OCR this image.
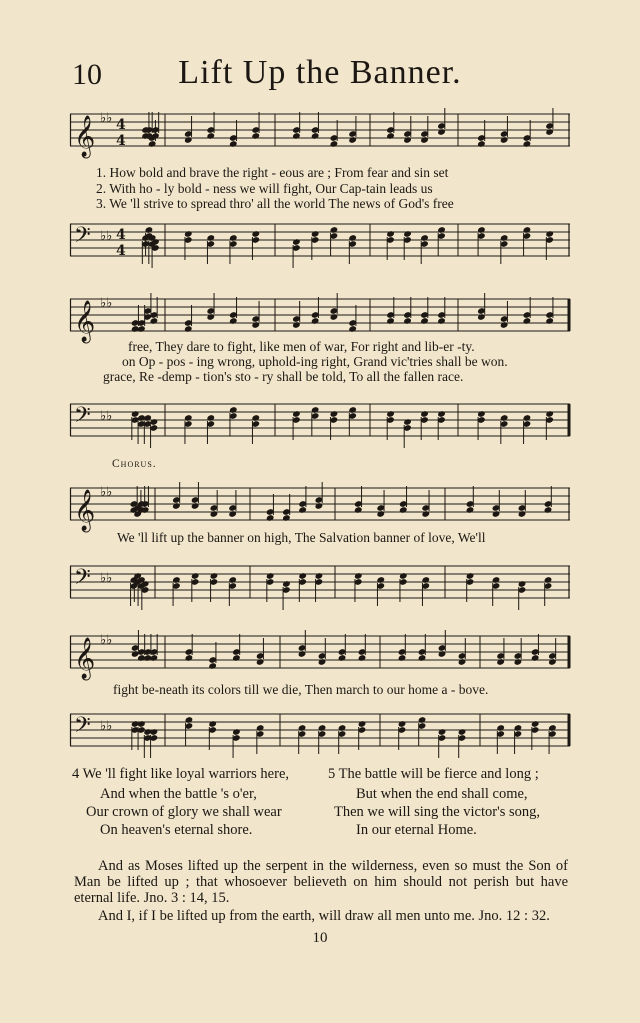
10	Lift Up the Banner.
𝄞 ♭♭ 4
4
1. How bold and brave the right - eous are ; From fear and sin set
2. With ho - ly bold - ness we will fight, Our Cap-tain leads us
3. We 'll strive to spread thro' all the world The news of God's free
𝄢 ♭♭ 4
4
𝄞 ♭♭
free, They dare to fight, like men of war, For right and lib-er -ty.
on Op - pos - ing wrong, uphold-ing right, Grand vic'tries shall be won.
grace, Re -demp - tion's sto - ry shall be told, To all the fallen race.
𝄢 ♭♭
Chorus.
𝄞 ♭♭
We 'll lift up the banner on high, The Salvation banner of love, We'll
𝄢 ♭♭
𝄞 ♭♭
fight be-neath its colors till we die, Then march to our home a - bove.
𝄢 ♭♭
4 We 'll fight like loyal warriors here,
And when the battle 's o'er,
Our crown of glory we shall wear
On heaven's eternal shore.
5 The battle will be fierce and long ;
But when the end shall come,
Then we will sing the victor's song,
In our eternal Home.

And as Moses lifted up the serpent in the wilderness, even so must the Son of Man be lifted up ; that whosoever believeth on him should not perish but have eternal life. Jno. 3 : 14, 15.

And I, if I be lifted up from the earth, will draw all men unto me. Jno. 12 : 32.

10
